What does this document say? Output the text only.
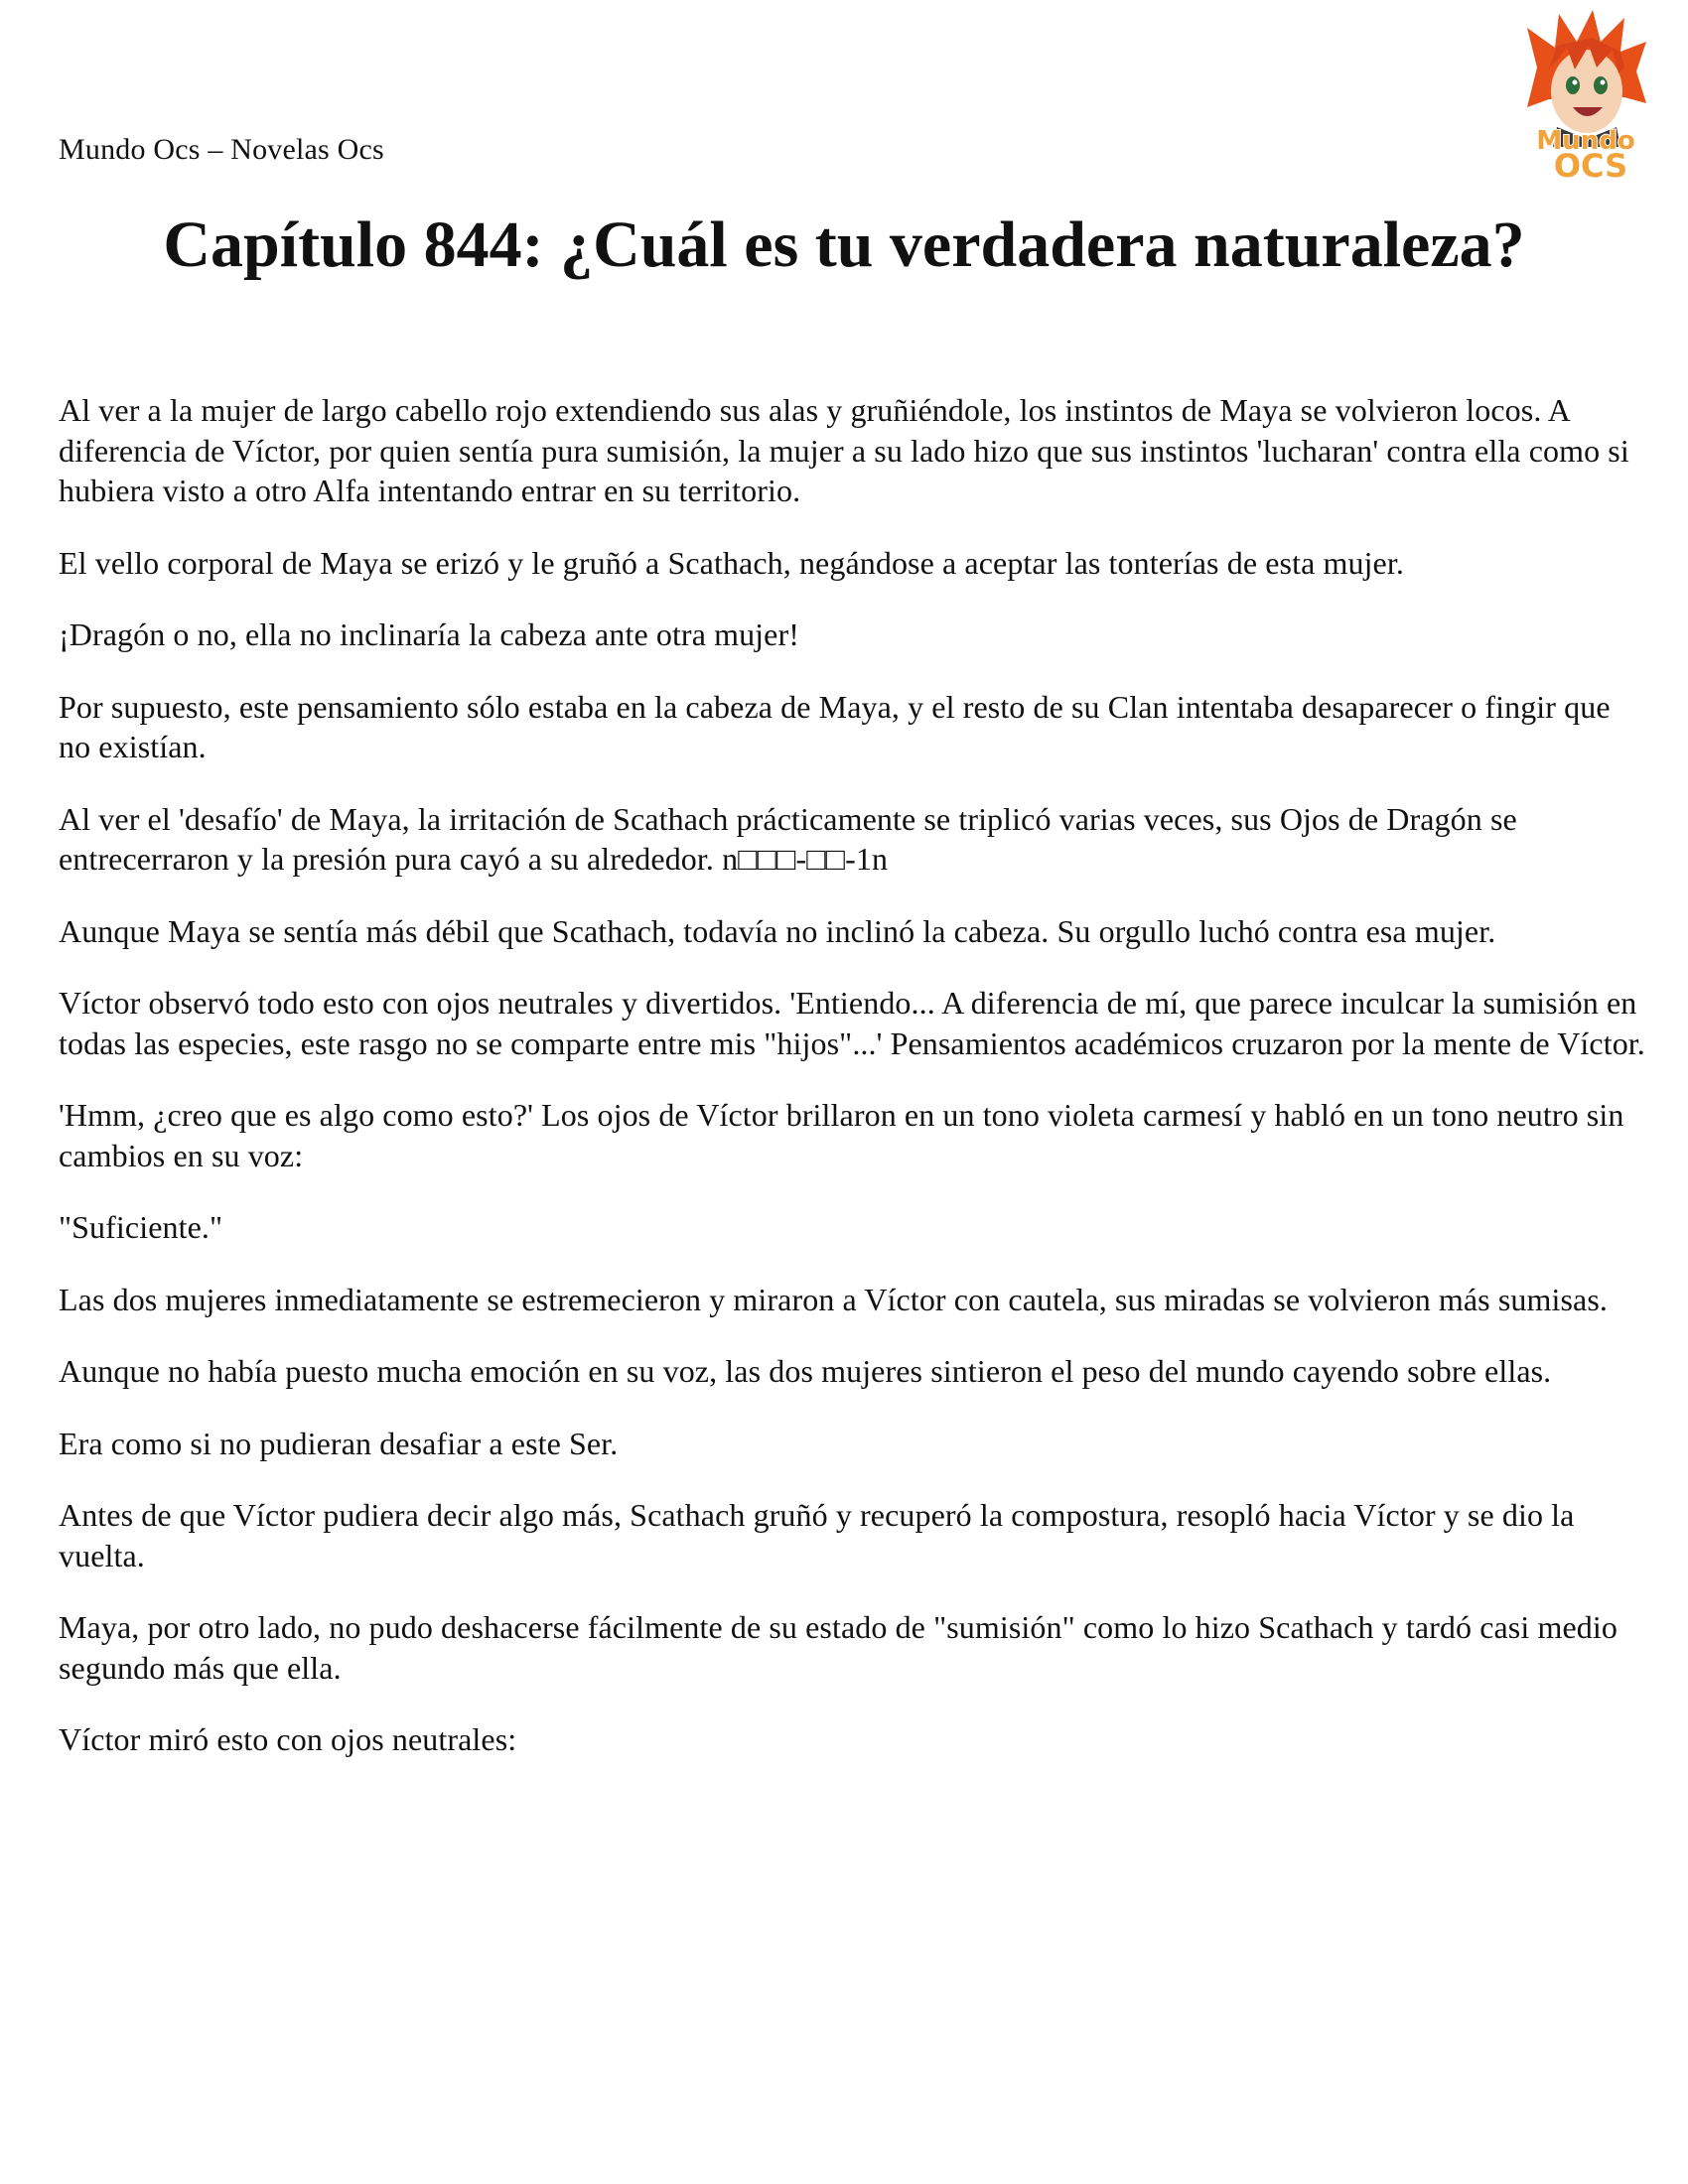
Mundo Ocs – Novelas Ocs	Mundo
OCS
Capítulo 844: ¿Cuál es tu verdadera naturaleza?

Al ver a la mujer de largo cabello rojo extendiendo sus alas y gruñiéndole, los instintos de Maya se volvieron locos. A diferencia de Víctor, por quien sentía pura sumisión, la mujer a su lado hizo que sus instintos 'lucharan' contra ella como si hubiera visto a otro Alfa intentando entrar en su territorio.

El vello corporal de Maya se erizó y le gruñó a Scathach, negándose a aceptar las tonterías de esta mujer.

¡Dragón o no, ella no inclinaría la cabeza ante otra mujer!

Por supuesto, este pensamiento sólo estaba en la cabeza de Maya, y el resto de su Clan intentaba desaparecer o fingir que no existían.

Al ver el 'desafío' de Maya, la irritación de Scathach prácticamente se triplicó varias veces, sus Ojos de Dragón se entrecerraron y la presión pura cayó a su alrededor. n□□□-□□-1n

Aunque Maya se sentía más débil que Scathach, todavía no inclinó la cabeza. Su orgullo luchó contra esa mujer.

Víctor observó todo esto con ojos neutrales y divertidos. 'Entiendo... A diferencia de mí, que parece inculcar la sumisión en todas las especies, este rasgo no se comparte entre mis "hijos"...' Pensamientos académicos cruzaron por la mente de Víctor.

'Hmm, ¿creo que es algo como esto?' Los ojos de Víctor brillaron en un tono violeta carmesí y habló en un tono neutro sin cambios en su voz:

"Suficiente."

Las dos mujeres inmediatamente se estremecieron y miraron a Víctor con cautela, sus miradas se volvieron más sumisas.

Aunque no había puesto mucha emoción en su voz, las dos mujeres sintieron el peso del mundo cayendo sobre ellas.

Era como si no pudieran desafiar a este Ser.

Antes de que Víctor pudiera decir algo más, Scathach gruñó y recuperó la compostura, resopló hacia Víctor y se dio la vuelta.

Maya, por otro lado, no pudo deshacerse fácilmente de su estado de "sumisión" como lo hizo Scathach y tardó casi medio segundo más que ella.

Víctor miró esto con ojos neutrales:
